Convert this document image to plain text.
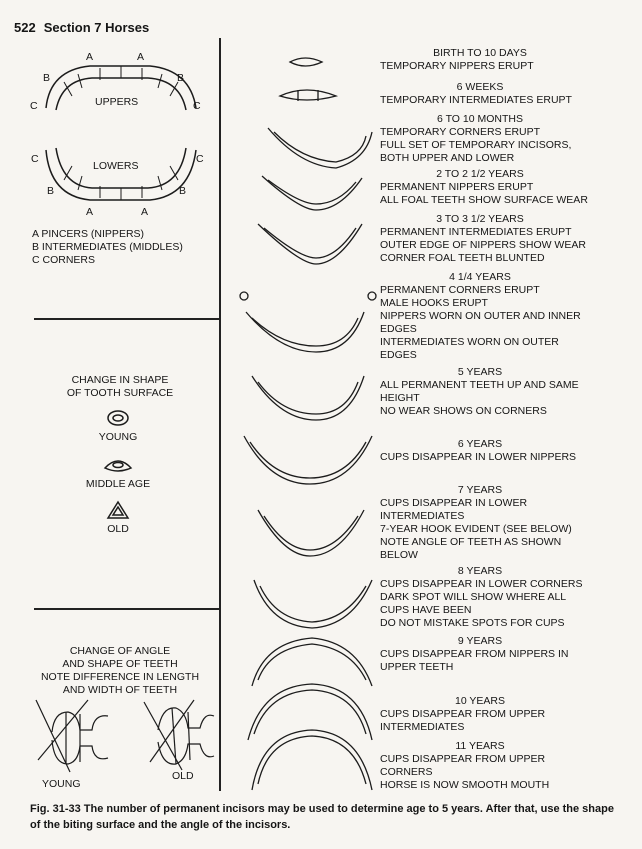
522 Section 7 Horses
A	A
B	B
C	C
UPPERS
LOWERS
C	C
B	B
A	A
A PINCERS (NIPPERS)
B INTERMEDIATES (MIDDLES)
C CORNERS
CHANGE IN SHAPE
OF TOOTH SURFACE
YOUNG
MIDDLE AGE
OLD
CHANGE OF ANGLE
AND SHAPE OF TEETH
NOTE DIFFERENCE IN LENGTH
AND WIDTH OF TEETH
YOUNG
OLD
BIRTH TO 10 DAYS
TEMPORARY NIPPERS ERUPT
6 WEEKS
TEMPORARY INTERMEDIATES ERUPT
6 TO 10 MONTHS
TEMPORARY CORNERS ERUPT
FULL SET OF TEMPORARY INCISORS,
BOTH UPPER AND LOWER
2 TO 2 1/2 YEARS
PERMANENT NIPPERS ERUPT
ALL FOAL TEETH SHOW SURFACE WEAR
3 TO 3 1/2 YEARS
PERMANENT INTERMEDIATES ERUPT
OUTER EDGE OF NIPPERS SHOW WEAR
CORNER FOAL TEETH BLUNTED
4 1/4 YEARS
PERMANENT CORNERS ERUPT
MALE HOOKS ERUPT
NIPPERS WORN ON OUTER AND INNER
EDGES
INTERMEDIATES WORN ON OUTER
EDGES
5 YEARS
ALL PERMANENT TEETH UP AND SAME
HEIGHT
NO WEAR SHOWS ON CORNERS
6 YEARS
CUPS DISAPPEAR IN LOWER NIPPERS
7 YEARS
CUPS DISAPPEAR IN LOWER
INTERMEDIATES
7-YEAR HOOK EVIDENT (SEE BELOW)
NOTE ANGLE OF TEETH AS SHOWN
BELOW
8 YEARS
CUPS DISAPPEAR IN LOWER CORNERS
DARK SPOT WILL SHOW WHERE ALL
CUPS HAVE BEEN
DO NOT MISTAKE SPOTS FOR CUPS
9 YEARS
CUPS DISAPPEAR FROM NIPPERS IN
UPPER TEETH
10 YEARS
CUPS DISAPPEAR FROM UPPER
INTERMEDIATES
11 YEARS
CUPS DISAPPEAR FROM UPPER
CORNERS
HORSE IS NOW SMOOTH MOUTH
Fig. 31-33 The number of permanent incisors may be used to determine age to 5 years. After that, use the shape of the biting surface and the angle of the incisors.
